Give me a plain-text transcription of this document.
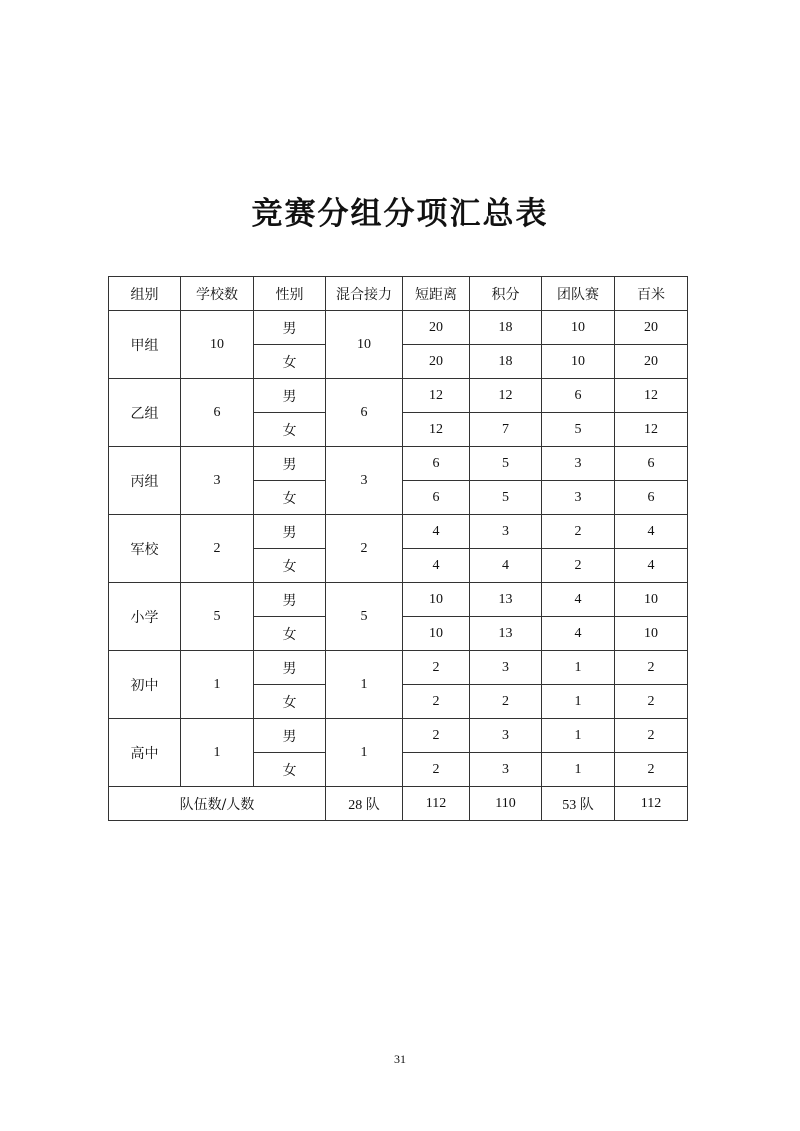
竞赛分组分项汇总表
组别	学校数	性别	混合接力	短距离	积分	团队赛	百米
甲组	10	男	10	20	18	10	20
		女		20	18	10	20
乙组	6	男	6	12	12	6	12
		女		12	7	5	12
丙组	3	男	3	6	5	3	6
		女		6	5	3	6
军校	2	男	2	4	3	2	4
		女		4	4	2	4
小学	5	男	5	10	13	4	10
		女		10	13	4	10
初中	1	男	1	2	3	1	2
		女		2	2	1	2
高中	1	男	1	2	3	1	2
		女		2	3	1	2
队伍数/人数			28 队	112	110	53 队	112
31
